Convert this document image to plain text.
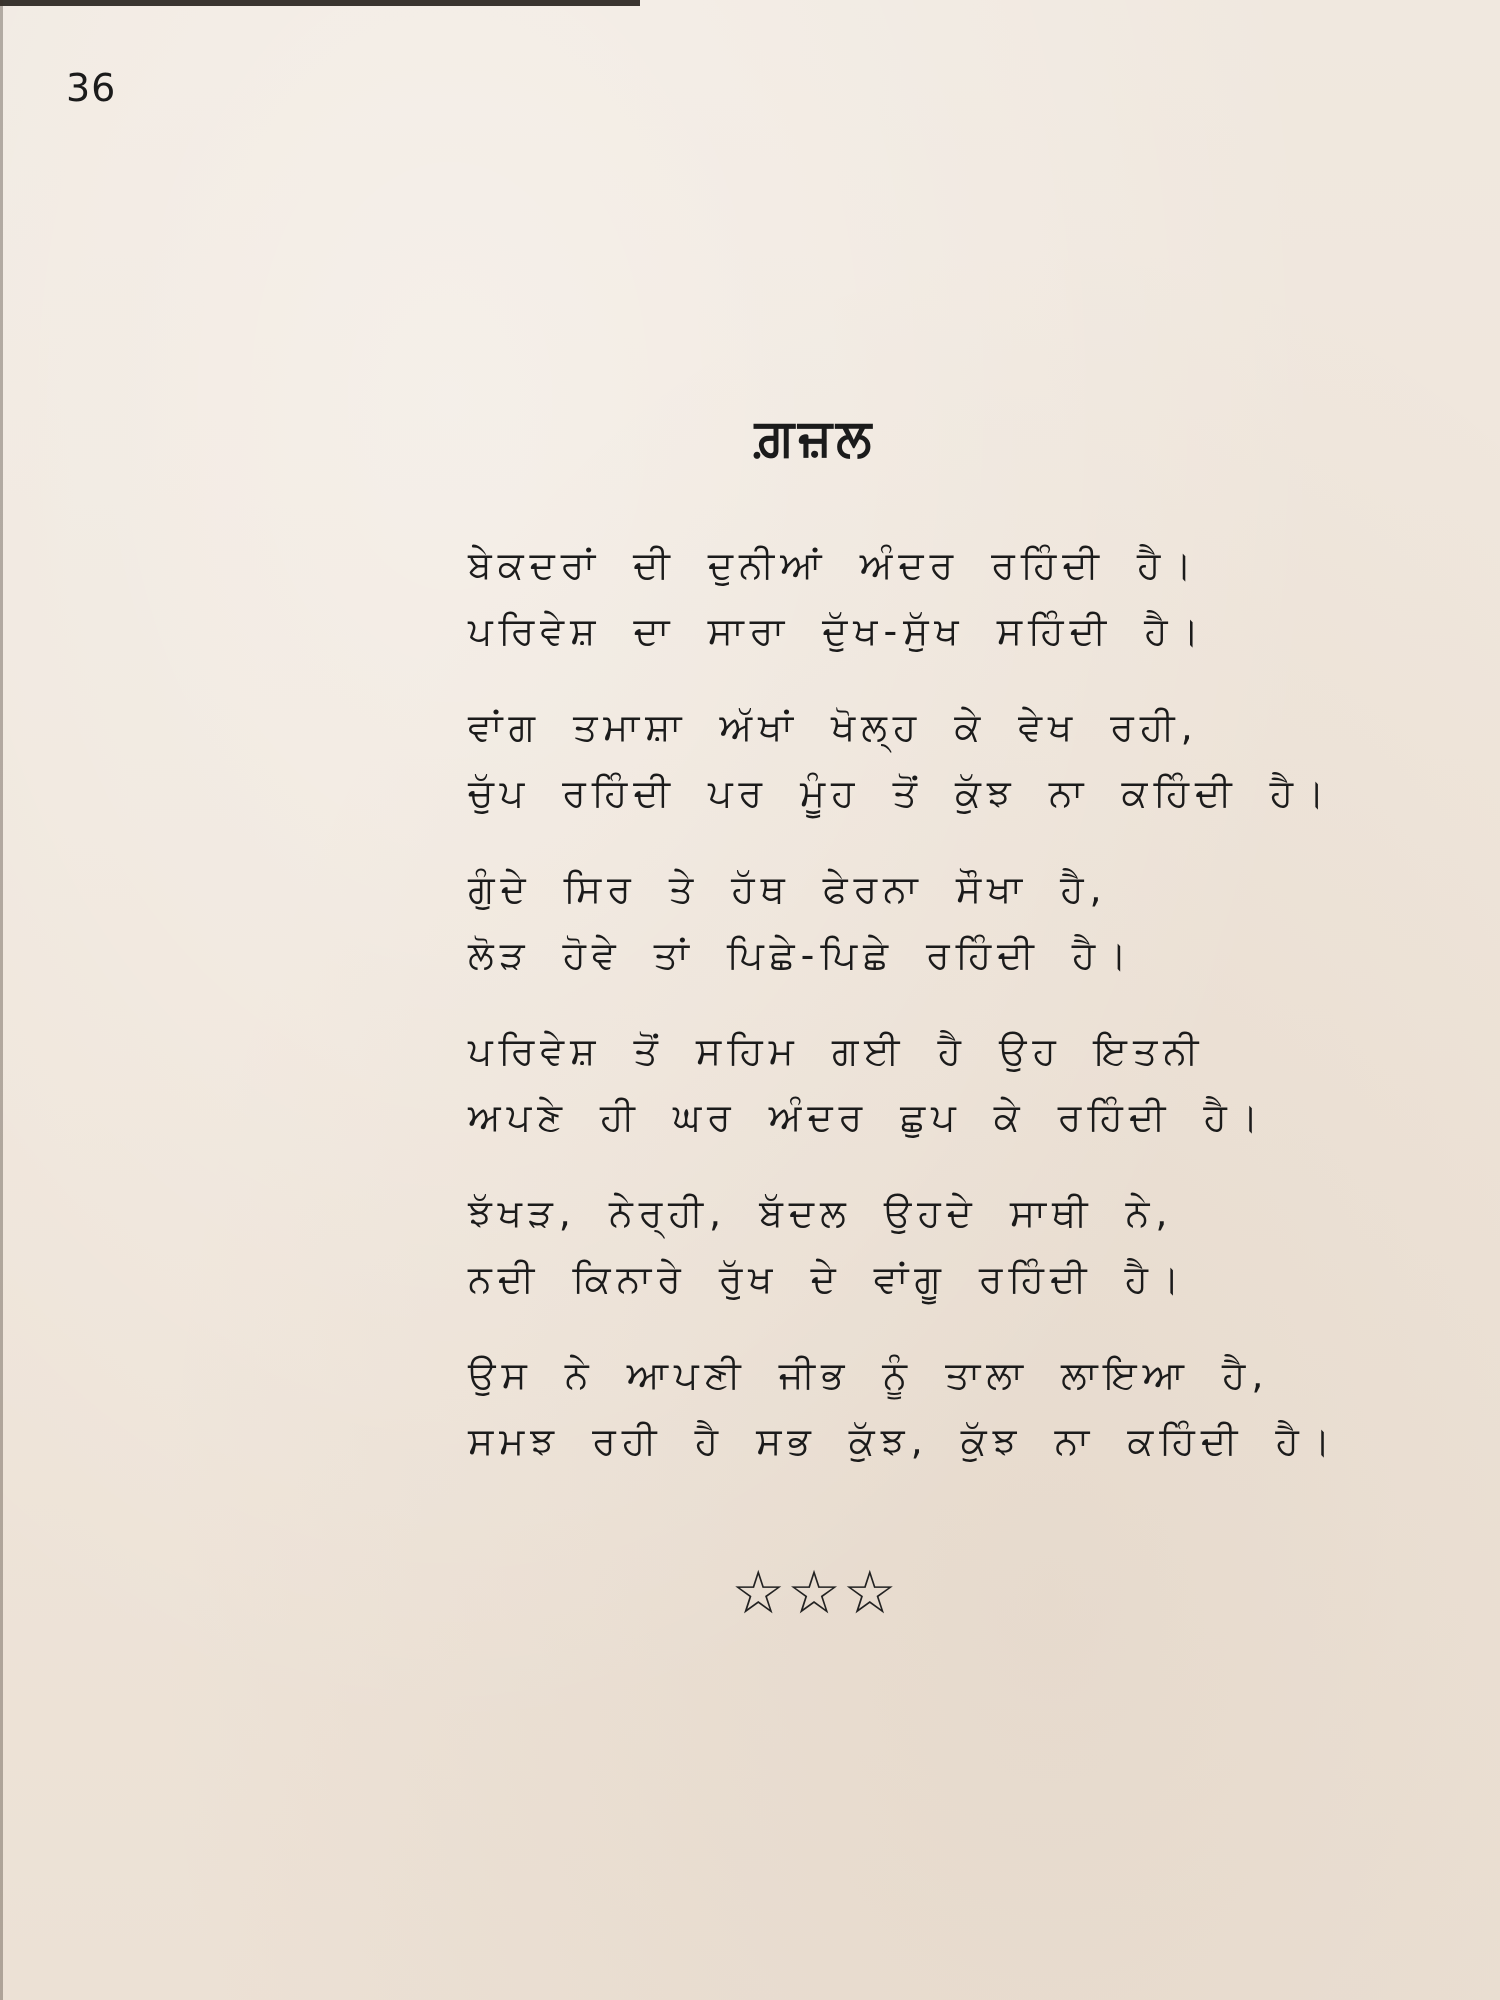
36
ਗ਼ਜ਼ਲ
ਬੇਕਦਰਾਂ ਦੀ ਦੁਨੀਆਂ ਅੰਦਰ ਰਹਿੰਦੀ ਹੈ।
ਪਰਿਵੇਸ਼ ਦਾ ਸਾਰਾ ਦੁੱਖ-ਸੁੱਖ ਸਹਿੰਦੀ ਹੈ।
ਵਾਂਗ ਤਮਾਸ਼ਾ ਅੱਖਾਂ ਖੋਲ੍ਹ ਕੇ ਵੇਖ ਰਹੀ,
ਚੁੱਪ ਰਹਿੰਦੀ ਪਰ ਮੂੰਹ ਤੋਂ ਕੁੱਝ ਨਾ ਕਹਿੰਦੀ ਹੈ।
ਗੁੰਦੇ ਸਿਰ ਤੇ ਹੱਥ ਫੇਰਨਾ ਸੌਖਾ ਹੈ,
ਲੋੜ ਹੋਵੇ ਤਾਂ ਪਿਛੇ-ਪਿਛੇ ਰਹਿੰਦੀ ਹੈ।
ਪਰਿਵੇਸ਼ ਤੋਂ ਸਹਿਮ ਗਈ ਹੈ ਉਹ ਇਤਨੀ
ਅਪਣੇ ਹੀ ਘਰ ਅੰਦਰ ਛੁਪ ਕੇ ਰਹਿੰਦੀ ਹੈ।
ਝੱਖੜ, ਨੇਰ੍ਹੀ, ਬੱਦਲ ਉਹਦੇ ਸਾਥੀ ਨੇ,
ਨਦੀ ਕਿਨਾਰੇ ਰੁੱਖ ਦੇ ਵਾਂਗੂ ਰਹਿੰਦੀ ਹੈ।
ਉਸ ਨੇ ਆਪਣੀ ਜੀਭ ਨੂੰ ਤਾਲਾ ਲਾਇਆ ਹੈ,
ਸਮਝ ਰਹੀ ਹੈ ਸਭ ਕੁੱਝ, ਕੁੱਝ ਨਾ ਕਹਿੰਦੀ ਹੈ।
☆☆☆
